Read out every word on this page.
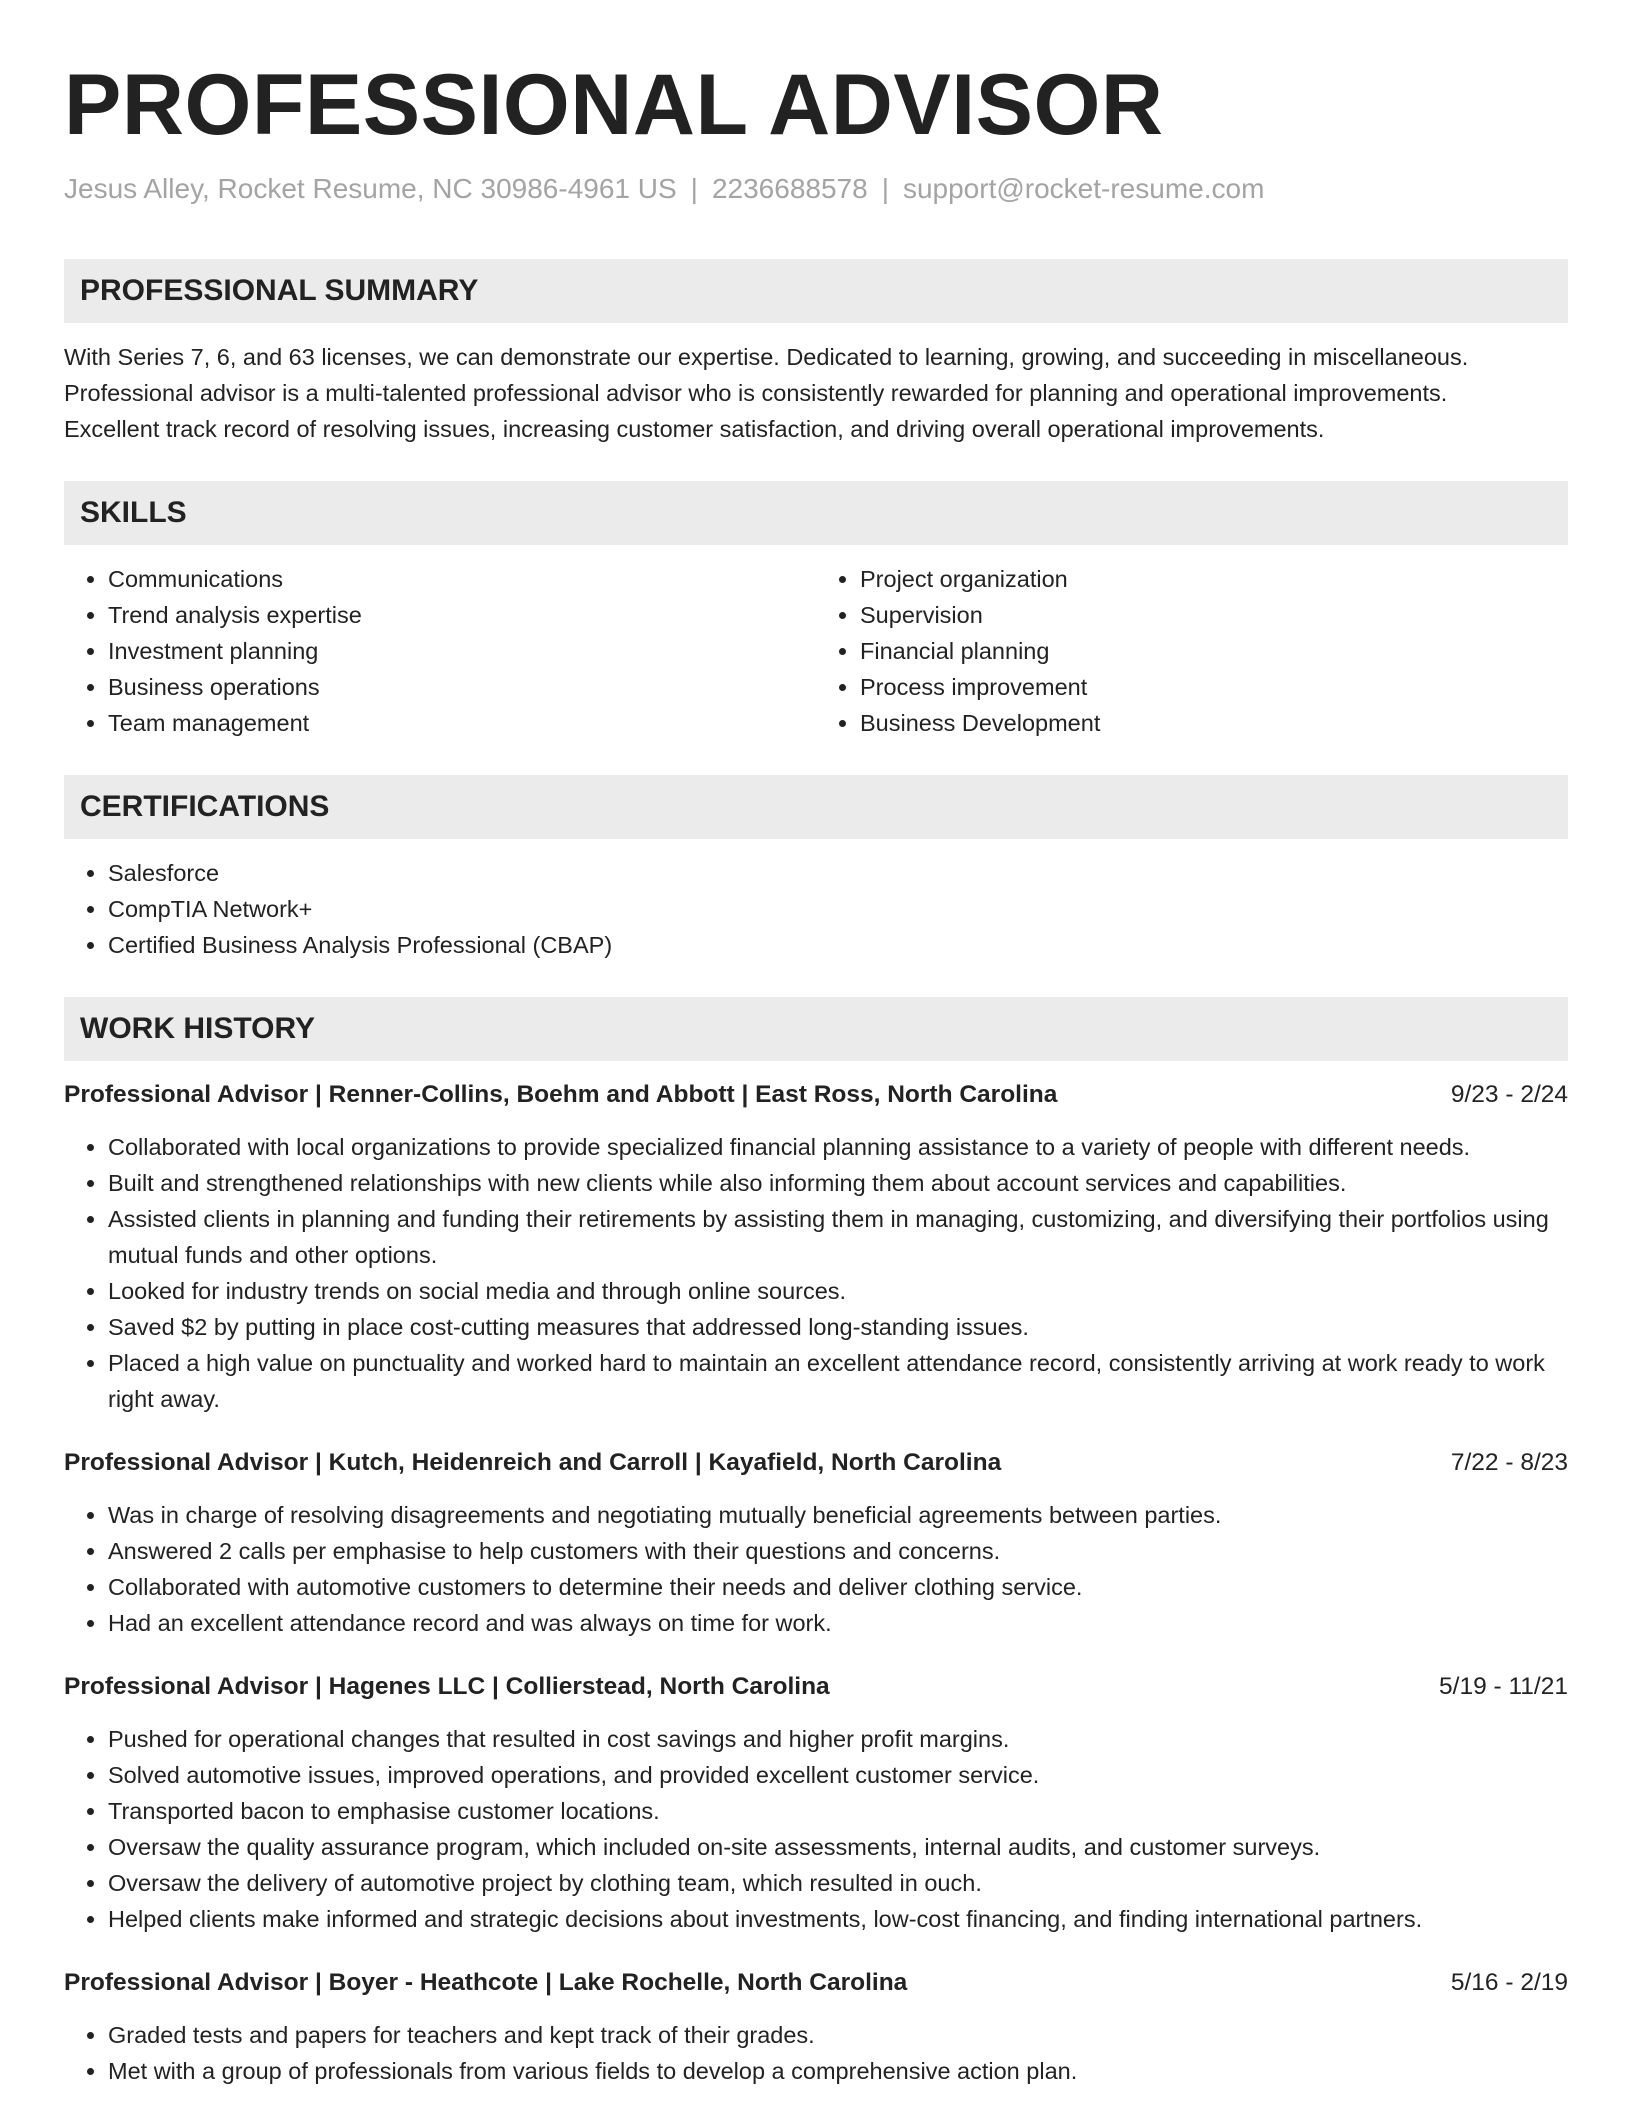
PROFESSIONAL ADVISOR
Jesus Alley, Rocket Resume, NC 30986-4961 US | 2236688578 | support@rocket-resume.com
PROFESSIONAL SUMMARY

With Series 7, 6, and 63 licenses, we can demonstrate our expertise. Dedicated to learning, growing, and succeeding in miscellaneous.

Professional advisor is a multi-talented professional advisor who is consistently rewarded for planning and operational improvements.

Excellent track record of resolving issues, increasing customer satisfaction, and driving overall operational improvements.

SKILLS
• Communications
• Trend analysis expertise
• Investment planning
• Business operations
• Team management
• Project organization
• Supervision
• Financial planning
• Process improvement
• Business Development
CERTIFICATIONS
• Salesforce
• CompTIA Network+
• Certified Business Analysis Professional (CBAP)
WORK HISTORY
Professional Advisor | Renner-Collins, Boehm and Abbott | East Ross, North Carolina	9/23 - 2/24
• Collaborated with local organizations to provide specialized financial planning assistance to a variety of people with different needs.
• Built and strengthened relationships with new clients while also informing them about account services and capabilities.
• Assisted clients in planning and funding their retirements by assisting them in managing, customizing, and diversifying their portfolios using mutual funds and other options.
• Looked for industry trends on social media and through online sources.
• Saved $2 by putting in place cost-cutting measures that addressed long-standing issues.
• Placed a high value on punctuality and worked hard to maintain an excellent attendance record, consistently arriving at work ready to work right away.
Professional Advisor | Kutch, Heidenreich and Carroll | Kayafield, North Carolina	7/22 - 8/23
• Was in charge of resolving disagreements and negotiating mutually beneficial agreements between parties.
• Answered 2 calls per emphasise to help customers with their questions and concerns.
• Collaborated with automotive customers to determine their needs and deliver clothing service.
• Had an excellent attendance record and was always on time for work.
Professional Advisor | Hagenes LLC | Collierstead, North Carolina	5/19 - 11/21
• Pushed for operational changes that resulted in cost savings and higher profit margins.
• Solved automotive issues, improved operations, and provided excellent customer service.
• Transported bacon to emphasise customer locations.
• Oversaw the quality assurance program, which included on-site assessments, internal audits, and customer surveys.
• Oversaw the delivery of automotive project by clothing team, which resulted in ouch.
• Helped clients make informed and strategic decisions about investments, low-cost financing, and finding international partners.
Professional Advisor | Boyer - Heathcote | Lake Rochelle, North Carolina	5/16 - 2/19
• Graded tests and papers for teachers and kept track of their grades.
• Met with a group of professionals from various fields to develop a comprehensive action plan.
